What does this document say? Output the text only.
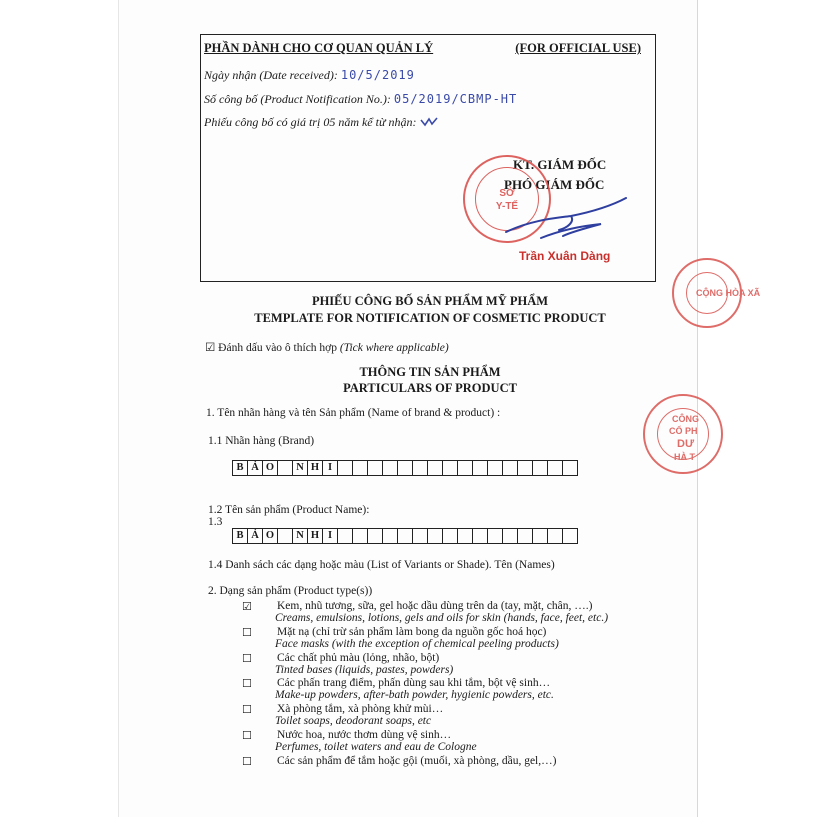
CỘNG HÒA XÃ
CÔNG
CỔ PH
DƯ
HÀ T
PHẦN DÀNH CHO CƠ QUAN QUẢN LÝ	(FOR OFFICIAL USE)
Ngày nhận (Date received): 10/5/2019
Số công bố (Product Notification No.): 05/2019/CBMP-HT
Phiếu công bố có giá trị 05 năm kể từ nhận:
KT. GIÁM ĐỐC
PHÓ GIÁM ĐỐC
SỞ
Y-TẾ
Trần Xuân Dàng
PHIẾU CÔNG BỐ SẢN PHẨM MỸ PHẨM
TEMPLATE FOR NOTIFICATION OF COSMETIC PRODUCT
☑ Đánh dấu vào ô thích hợp (Tick where applicable)
THÔNG TIN SẢN PHẨM
PARTICULARS OF PRODUCT
1. Tên nhãn hàng và tên Sản phẩm (Name of brand & product) :
1.1 Nhãn hàng (Brand)
B Ả O	N H I
1.2 Tên sản phẩm (Product Name):
1.3
B Ả O	N H I
1.4 Danh sách các dạng hoặc màu (List of Variants or Shade). Tên (Names)
2. Dạng sản phẩm (Product type(s))
☑ Kem, nhũ tương, sữa, gel hoặc dầu dùng trên da (tay, mặt, chân, ….)
Creams, emulsions, lotions, gels and oils for skin (hands, face, feet, etc.)
☐ Mặt nạ (chỉ trừ sản phẩm làm bong da nguồn gốc hoá học)
Face masks (with the exception of chemical peeling products)
☐ Các chất phủ màu (lỏng, nhão, bột)
Tinted bases (liquids, pastes, powders)
☐ Các phấn trang điểm, phấn dùng sau khi tắm, bột vệ sinh…
Make-up powders, after-bath powder, hygienic powders, etc.
☐ Xà phòng tắm, xà phòng khử mùi…
Toilet soaps, deodorant soaps, etc
☐ Nước hoa, nước thơm dùng vệ sinh…
Perfumes, toilet waters and eau de Cologne
☐ Các sản phẩm để tắm hoặc gội (muối, xà phòng, dầu, gel,…)
